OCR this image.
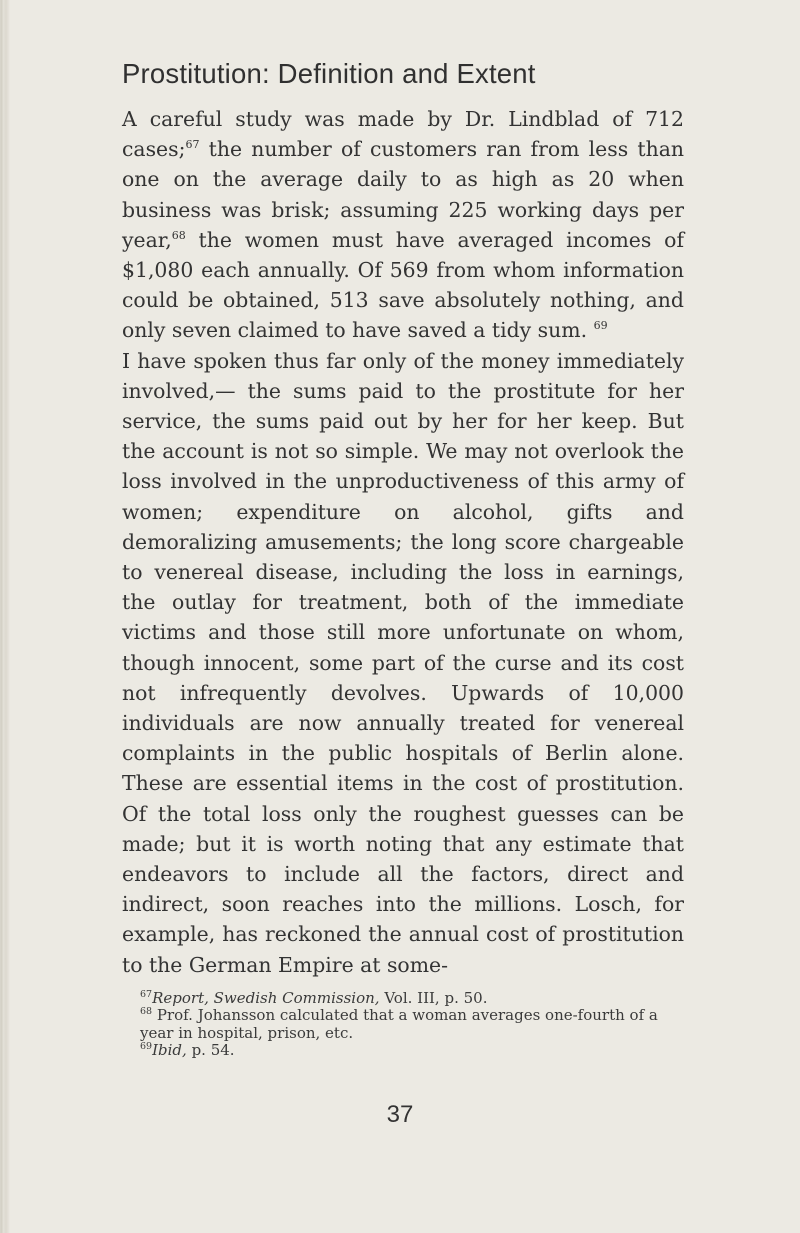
Prostitution: Definition and Extent

A careful study was made by Dr. Lindblad of 712 cases;$^{67}$ the number of customers ran from less than one on the average daily to as high as 20 when business was brisk; assuming 225 working days per year,$^{68}$ the women must have averaged incomes of $1,080 each annually. Of 569 from whom information could be obtained, 513 save absolutely nothing, and only seven claimed to have saved a tidy sum. $^{69}$

I have spoken thus far only of the money immediately involved,— the sums paid to the prostitute for her service, the sums paid out by her for her keep. But the account is not so simple. We may not overlook the loss involved in the unproductiveness of this army of women; expenditure on alcohol, gifts and demoralizing amusements; the long score chargeable to venereal disease, including the loss in earnings, the outlay for treatment, both of the immediate victims and those still more unfortunate on whom, though innocent, some part of the curse and its cost not infrequently devolves. Upwards of 10,000 individuals are now annually treated for venereal complaints in the public hospitals of Berlin alone. These are essential items in the cost of prostitution. Of the total loss only the roughest guesses can be made; but it is worth noting that any estimate that endeavors to include all the factors, direct and indirect, soon reaches into the millions. Losch, for example, has reckoned the annual cost of prostitution to the German Empire at some-

$^{67}$Report, Swedish Commission, Vol. III, p. 50.

$^{68}$ Prof. Johansson calculated that a woman averages one-fourth of a year in hospital, prison, etc.

$^{69}$Ibid, p. 54.

37
